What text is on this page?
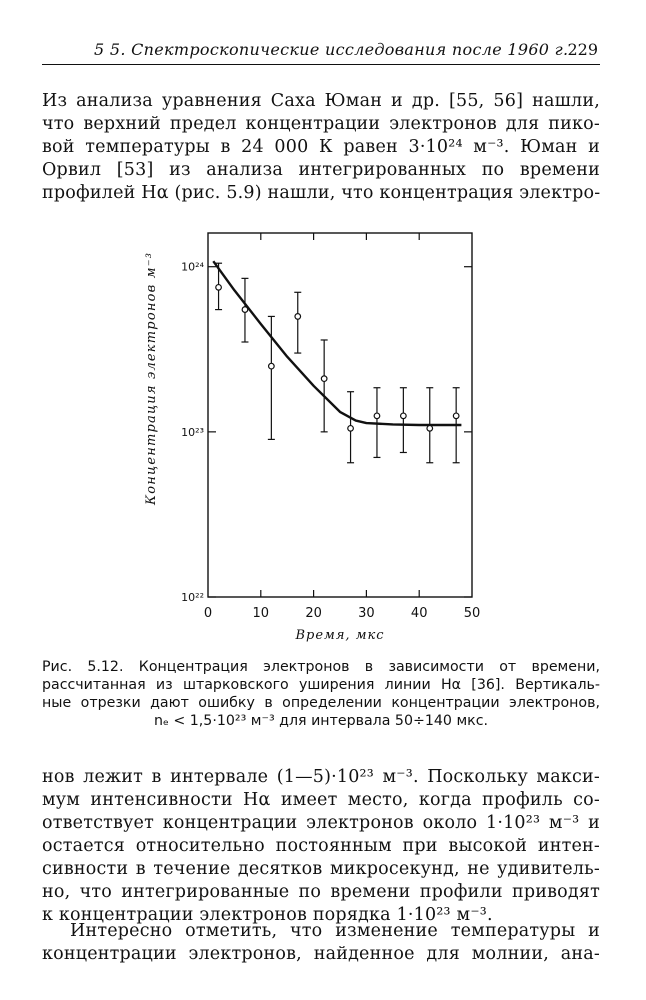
5 5. Спектроскопические исследования после 1960 г. 229
Из анализа уравнения Саха Юман и др. [55, 56] нашли,
что верхний предел концентрации электронов для пико-
вой температуры в 24 000 К равен 3·10²⁴ м⁻³. Юман и
Орвил [53] из анализа интегрированных по времени
профилей Hα (рис. 5.9) нашли, что концентрация электро-
0	10	20	30	40	50
10²²
10²³
10²⁴
Время, мкс
Концентрация электронов м⁻³
Рис. 5.12. Концентрация электронов в зависимости от времени,
рассчитанная из штарковского уширения линии Hα [36]. Вертикаль-
ные отрезки дают ошибку в определении концентрации электронов,
nₑ < 1,5·10²³ м⁻³ для интервала 50÷140 мкс.
нов лежит в интервале (1—5)·10²³ м⁻³. Поскольку макси-
мум интенсивности Hα имеет место, когда профиль со-
ответствует концентрации электронов около 1·10²³ м⁻³ и
остается относительно постоянным при высокой интен-
сивности в течение десятков микросекунд, не удивитель-
но, что интегрированные по времени профили приводят
к концентрации электронов порядка 1·10²³ м⁻³.
Интересно отметить, что изменение температуры и
концентрации электронов, найденное для молнии, ана-
